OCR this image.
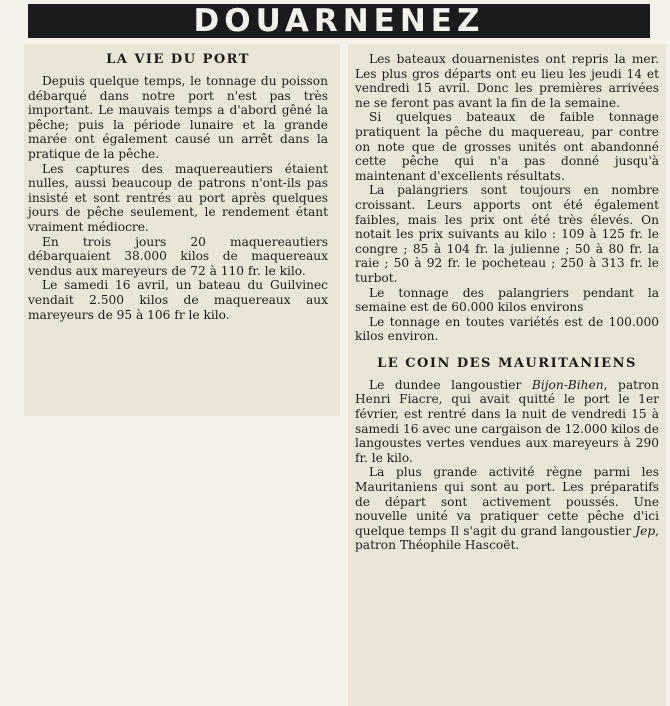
DOUARNENEZ
LA VIE DU PORT

Depuis quelque temps, le tonnage du poisson débarqué dans notre port n'est pas très important. Le mauvais temps a d'abord gêné la pêche; puis la période lunaire et la grande marée ont également causé un arrêt dans la pratique de la pêche.

Les captures des maquereautiers étaient nulles, aussi beaucoup de patrons n'ont-ils pas insisté et sont rentrés au port après quelques jours de pêche seulement, le rendement étant vraiment médiocre.

En trois jours 20 maquereautiers débarquaient 38.000 kilos de maquereaux vendus aux mareyeurs de 72 à 110 fr. le kilo.

Le samedi 16 avril, un bateau du Guilvinec vendait 2.500 kilos de maquereaux aux mareyeurs de 95 à 106 fr le kilo.

Les bateaux douarnenistes ont repris la mer. Les plus gros départs ont eu lieu les jeudi 14 et vendredi 15 avril. Donc les premières arrivées ne se feront pas avant la fin de la semaine.

Si quelques bateaux de faible tonnage pratiquent la pêche du maquereau, par contre on note que de grosses unités ont abandonné cette pêche qui n'a pas donné jusqu'à maintenant d'excellents résultats.

La palangriers sont toujours en nombre croissant. Leurs apports ont été également faibles, mais les prix ont été très élevés. On notait les prix suivants au kilo : 109 à 125 fr. le congre ; 85 à 104 fr. la julienne ; 50 à 80 fr. la raie ; 50 à 92 fr. le pocheteau ; 250 à 313 fr. le turbot.

Le tonnage des palangriers pendant la semaine est de 60.000 kilos environs

Le tonnage en toutes variétés est de 100.000 kilos environ.

LE COIN DES MAURITANIENS

Le dundee langoustier Bijon-Bihen, patron Henri Fiacre, qui avait quitté le port le 1er février, est rentré dans la nuit de vendredi 15 à samedi 16 avec une cargaison de 12.000 kilos de langoustes vertes vendues aux mareyeurs à 290 fr. le kilo.

La plus grande activité règne parmi les Mauritaniens qui sont au port. Les préparatifs de départ sont activement poussés. Une nouvelle unité va pratiquer cette pêche d'ici quelque temps Il s'agit du grand langoustier Jep, patron Théophile Hascoët.
